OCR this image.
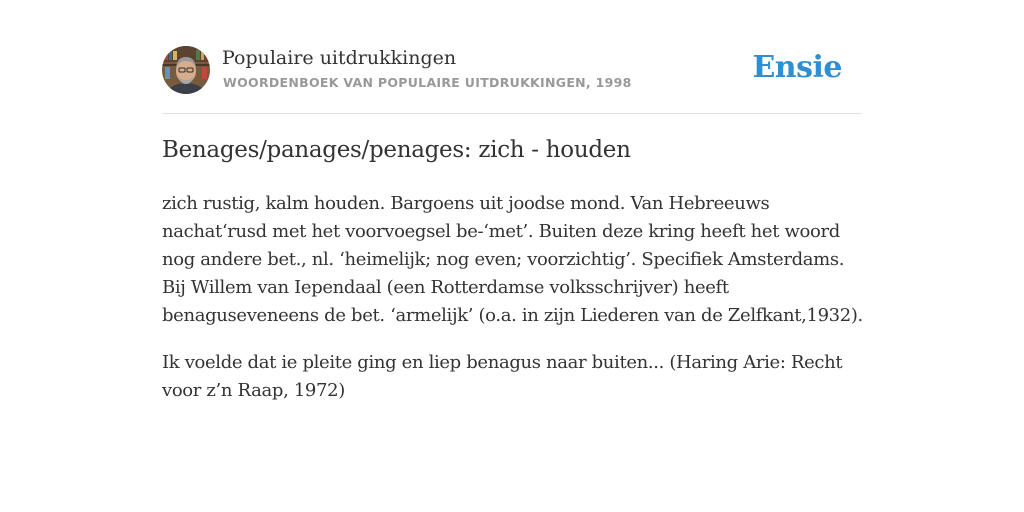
Populaire uitdrukkingen
WOORDENBOEK VAN POPULAIRE UITDRUKKINGEN, 1998	Ensie
Benages/panages/penages: zich - houden

zich rustig, kalm houden. Bargoens uit joodse mond. Van Hebreeuws nachat‘rusd met het voorvoegsel be-‘met’. Buiten deze kring heeft het woord nog andere bet., nl. ‘heimelijk; nog even; voorzichtig’. Specifiek Amsterdams. Bij Willem van Iependaal (een Rotterdamse volksschrijver) heeft benaguseveneens de bet. ‘armelijk’ (o.a. in zijn Liederen van de Zelfkant,1932).

Ik voelde dat ie pleite ging en liep benagus naar buiten... (Haring Arie: Recht voor z’n Raap, 1972)
